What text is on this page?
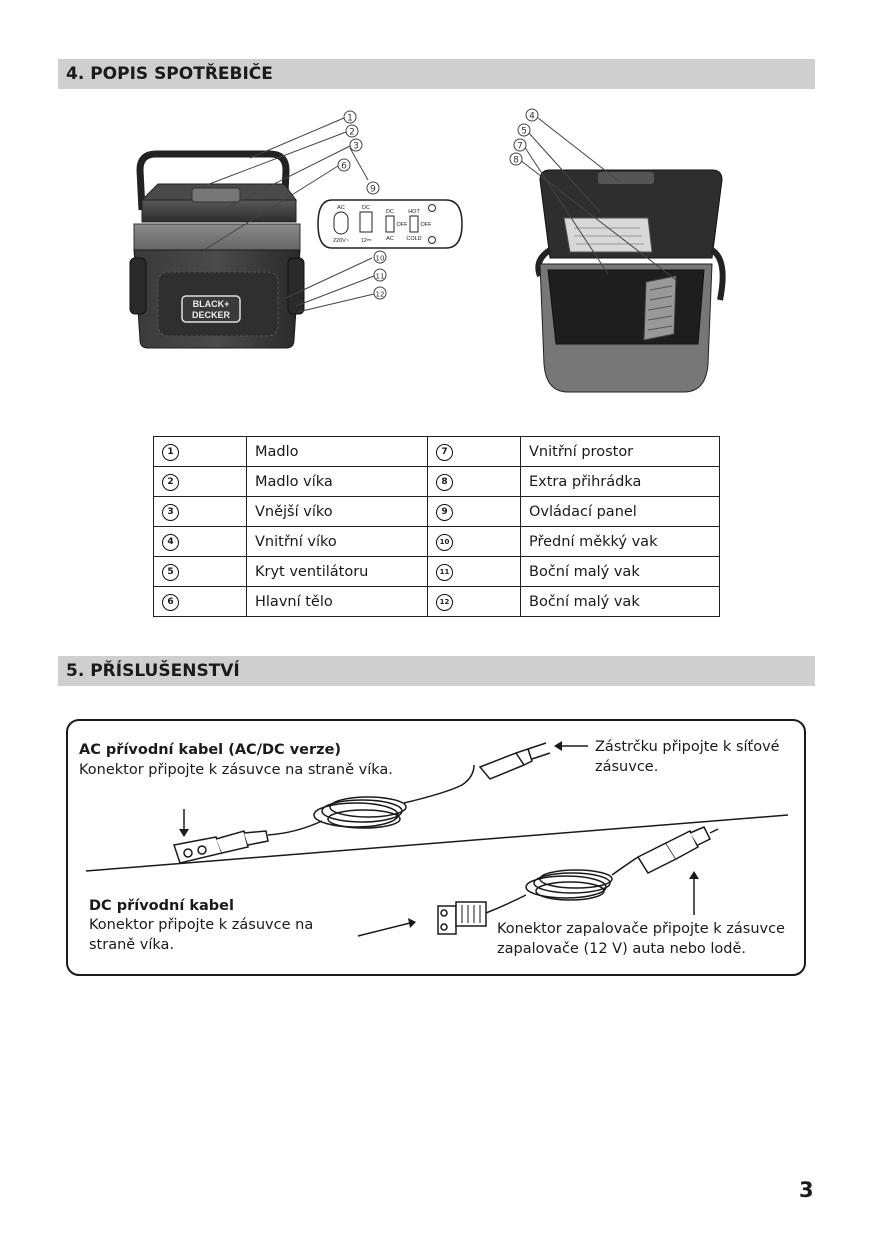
4. POPIS SPOTŘEBIČE
BLACK+
DECKER
1
2
3
6
9
10
11
12
AC
220V~
DC
12⎓
DC
OFF
AC
HOT
OFF
COLD
4
5
7
8
1	Madlo	7	Vnitřní prostor
2	Madlo víka	8	Extra přihrádka
3	Vnější víko	9	Ovládací panel
4	Vnitřní víko	10	Přední měkký vak
5	Kryt ventilátoru	11	Boční malý vak
6	Hlavní tělo	12	Boční malý vak
5. PŘÍSLUŠENSTVÍ
AC přívodní kabel (AC/DC verze)
Konektor připojte k zásuvce na straně víka.
Zástrčku připojte k síťové
zásuvce.
DC přívodní kabel
Konektor připojte k zásuvce na
straně víka.
Konektor zapalovače připojte k zásuvce
zapalovače (12 V) auta nebo lodě.
3
